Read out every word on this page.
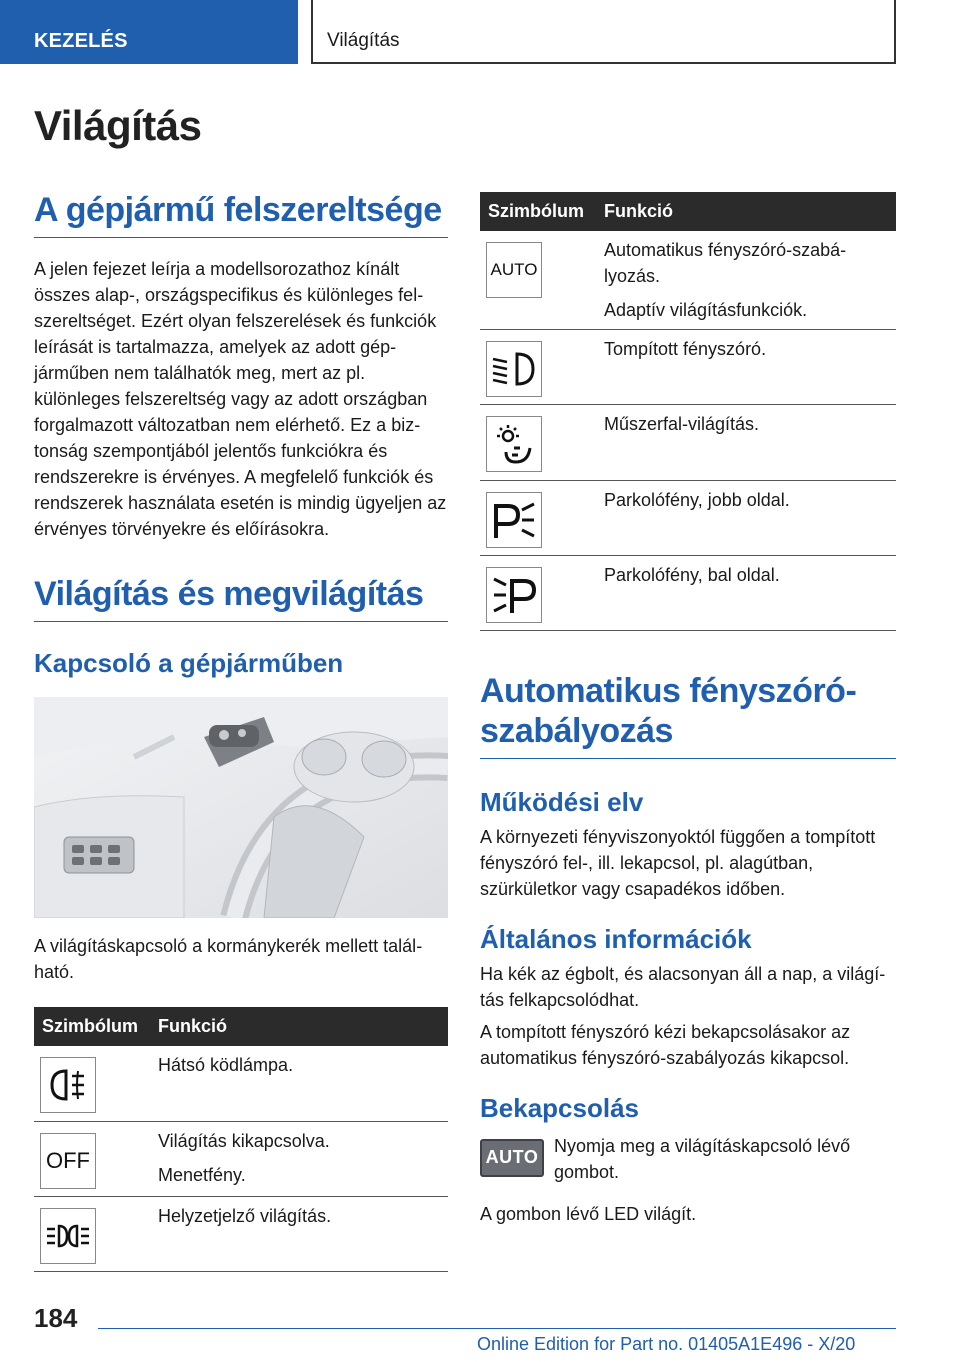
KEZELÉS	Világítás
Világítás
A gépjármű felszereltsége

A jelen fejezet leírja a modellsorozathoz kínált összes alap-, országspecifikus és különleges felszereltséget. Ezért olyan felszerelések és funkciók leírását is tartalmazza, amelyek az adott gépjárműben nem találhatók meg, mert az pl. különleges felszereltség vagy az adott országban forgalmazott változatban nem elérhető. Ez a biztonság szempontjából jelentős funkciókra és rendszerekre is érvényes. A megfelelő funkciók és rendszerek használata esetén is mindig ügyeljen az érvényes törvényekre és előírásokra.

Világítás és megvilágítás
Kapcsoló a gépjárműben

A világításkapcsoló a kormánykerék mellett található.

Szimbólum	Funkció

Hátsó ködlámpa.

OFF	Világítás kikapcsolva.
Menetfény.

Helyzetjelző világítás.
Szimbólum	Funkció

AUTO	Automatikus fényszóró-szabályozás.
Adaptív világításfunkciók.

Tompított fényszóró.

Műszerfal-világítás.

Parkolófény, jobb oldal.

Parkolófény, bal oldal.
Automatikus fényszóró-szabályozás
Működési elv

A környezeti fényviszonyoktól függően a tompított fényszóró fel-, ill. lekapcsol, pl. alagútban, szürkületkor vagy csapadékos időben.

Általános információk

Ha kék az égbolt, és alacsonyan áll a nap, a világítás felkapcsolódhat.

A tompított fényszóró kézi bekapcsolásakor az automatikus fényszóró-szabályozás kikapcsol.

Bekapcsolás
AUTO

Nyomja meg a világításkapcsoló lévő gombot.

A gombon lévő LED világít.

184
Online Edition for Part no. 01405A1E496 - X/20
